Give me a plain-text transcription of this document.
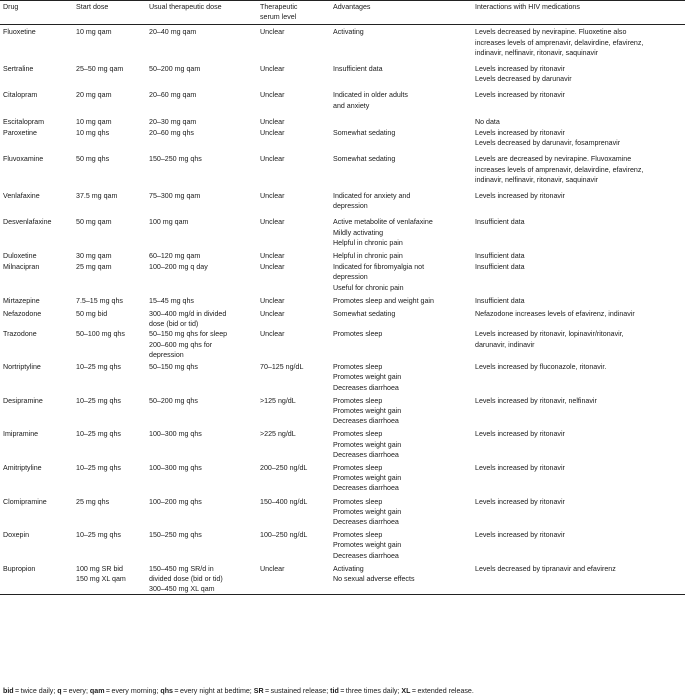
Drug	Start dose	Usual therapeutic dose	Therapeutic serum level	Advantages	Interactions with HIV medications
Fluoxetine	10 mg qam	20–40 mg qam	Unclear	Activating	Levels decreased by nevirapine. Fluoxetine also
increases levels of amprenavir, delavirdine, efavirenz,
indinavir, nelfinavir, ritonavir, saquinavir

Sertraline	25–50 mg qam	50–200 mg qam	Unclear	Insufficient data	Levels increased by ritonavir
Levels decreased by darunavir

Citalopram	20 mg qam	20–60 mg qam	Unclear	Indicated in older adults
and anxiety	Levels increased by ritonavir

Escitalopram	10 mg qam	20–30 mg qam	Unclear		No data

Paroxetine	10 mg qhs	20–60 mg qhs	Unclear	Somewhat sedating	Levels increased by ritonavir
Levels decreased by darunavir, fosamprenavir

Fluvoxamine	50 mg qhs	150–250 mg qhs	Unclear	Somewhat sedating	Levels are decreased by nevirapine. Fluvoxamine
increases levels of amprenavir, delavirdine, efavirenz,
indinavir, nelfinavir, ritonavir, saquinavir

Venlafaxine	37.5 mg qam	75–300 mg qam	Unclear	Indicated for anxiety and
depression	Levels increased by ritonavir

Desvenlafaxine	50 mg qam	100 mg qam	Unclear	Active metabolite of venlafaxine
Mildly activating
Helpful in chronic pain	Insufficient data

Duloxetine	30 mg qam	60–120 mg qam	Unclear	Helpful in chronic pain	Insufficient data

Milnacipran	25 mg qam	100–200 mg q day	Unclear	Indicated for fibromyalgia not
depression
Useful for chronic pain	Insufficient data

Mirtazepine	7.5–15 mg qhs	15–45 mg qhs	Unclear	Promotes sleep and weight gain	Insufficient data

Nefazodone	50 mg bid	300–400 mg/d in divided
dose (bid or tid)	Unclear	Somewhat sedating	Nefazodone increases levels of efavirenz, indinavir

Trazodone	50–100 mg qhs	50–150 mg qhs for sleep
200–600 mg qhs for
depression	Unclear	Promotes sleep	Levels increased by ritonavir, lopinavir/ritonavir,
darunavir, indinavir

Nortriptyline	10–25 mg qhs	50–150 mg qhs	70–125 ng/dL	Promotes sleep
Promotes weight gain
Decreases diarrhoea	Levels increased by fluconazole, ritonavir.

Desipramine	10–25 mg qhs	50–200 mg qhs	>125 ng/dL	Promotes sleep
Promotes weight gain
Decreases diarrhoea	Levels increased by ritonavir, nelfinavir

Imipramine	10–25 mg qhs	100–300 mg qhs	>225 ng/dL	Promotes sleep
Promotes weight gain
Decreases diarrhoea	Levels increased by ritonavir

Amitriptyline	10–25 mg qhs	100–300 mg qhs	200–250 ng/dL	Promotes sleep
Promotes weight gain
Decreases diarrhoea	Levels increased by ritonavir

Clomipramine	25 mg qhs	100–200 mg qhs	150–400 ng/dL	Promotes sleep
Promotes weight gain
Decreases diarrhoea	Levels increased by ritonavir

Doxepin	10–25 mg qhs	150–250 mg qhs	100–250 ng/dL	Promotes sleep
Promotes weight gain
Decreases diarrhoea	Levels increased by ritonavir

Bupropion	100 mg SR bid
150 mg XL qam	150–450 mg SR/d in
divided dose (bid or tid)
300–450 mg XL qam	Unclear	Activating
No sexual adverse effects	Levels decreased by tipranavir and efavirenz
bid = twice daily; q = every; qam = every morning; qhs = every night at bedtime; SR = sustained release; tid = three times daily; XL = extended release.
